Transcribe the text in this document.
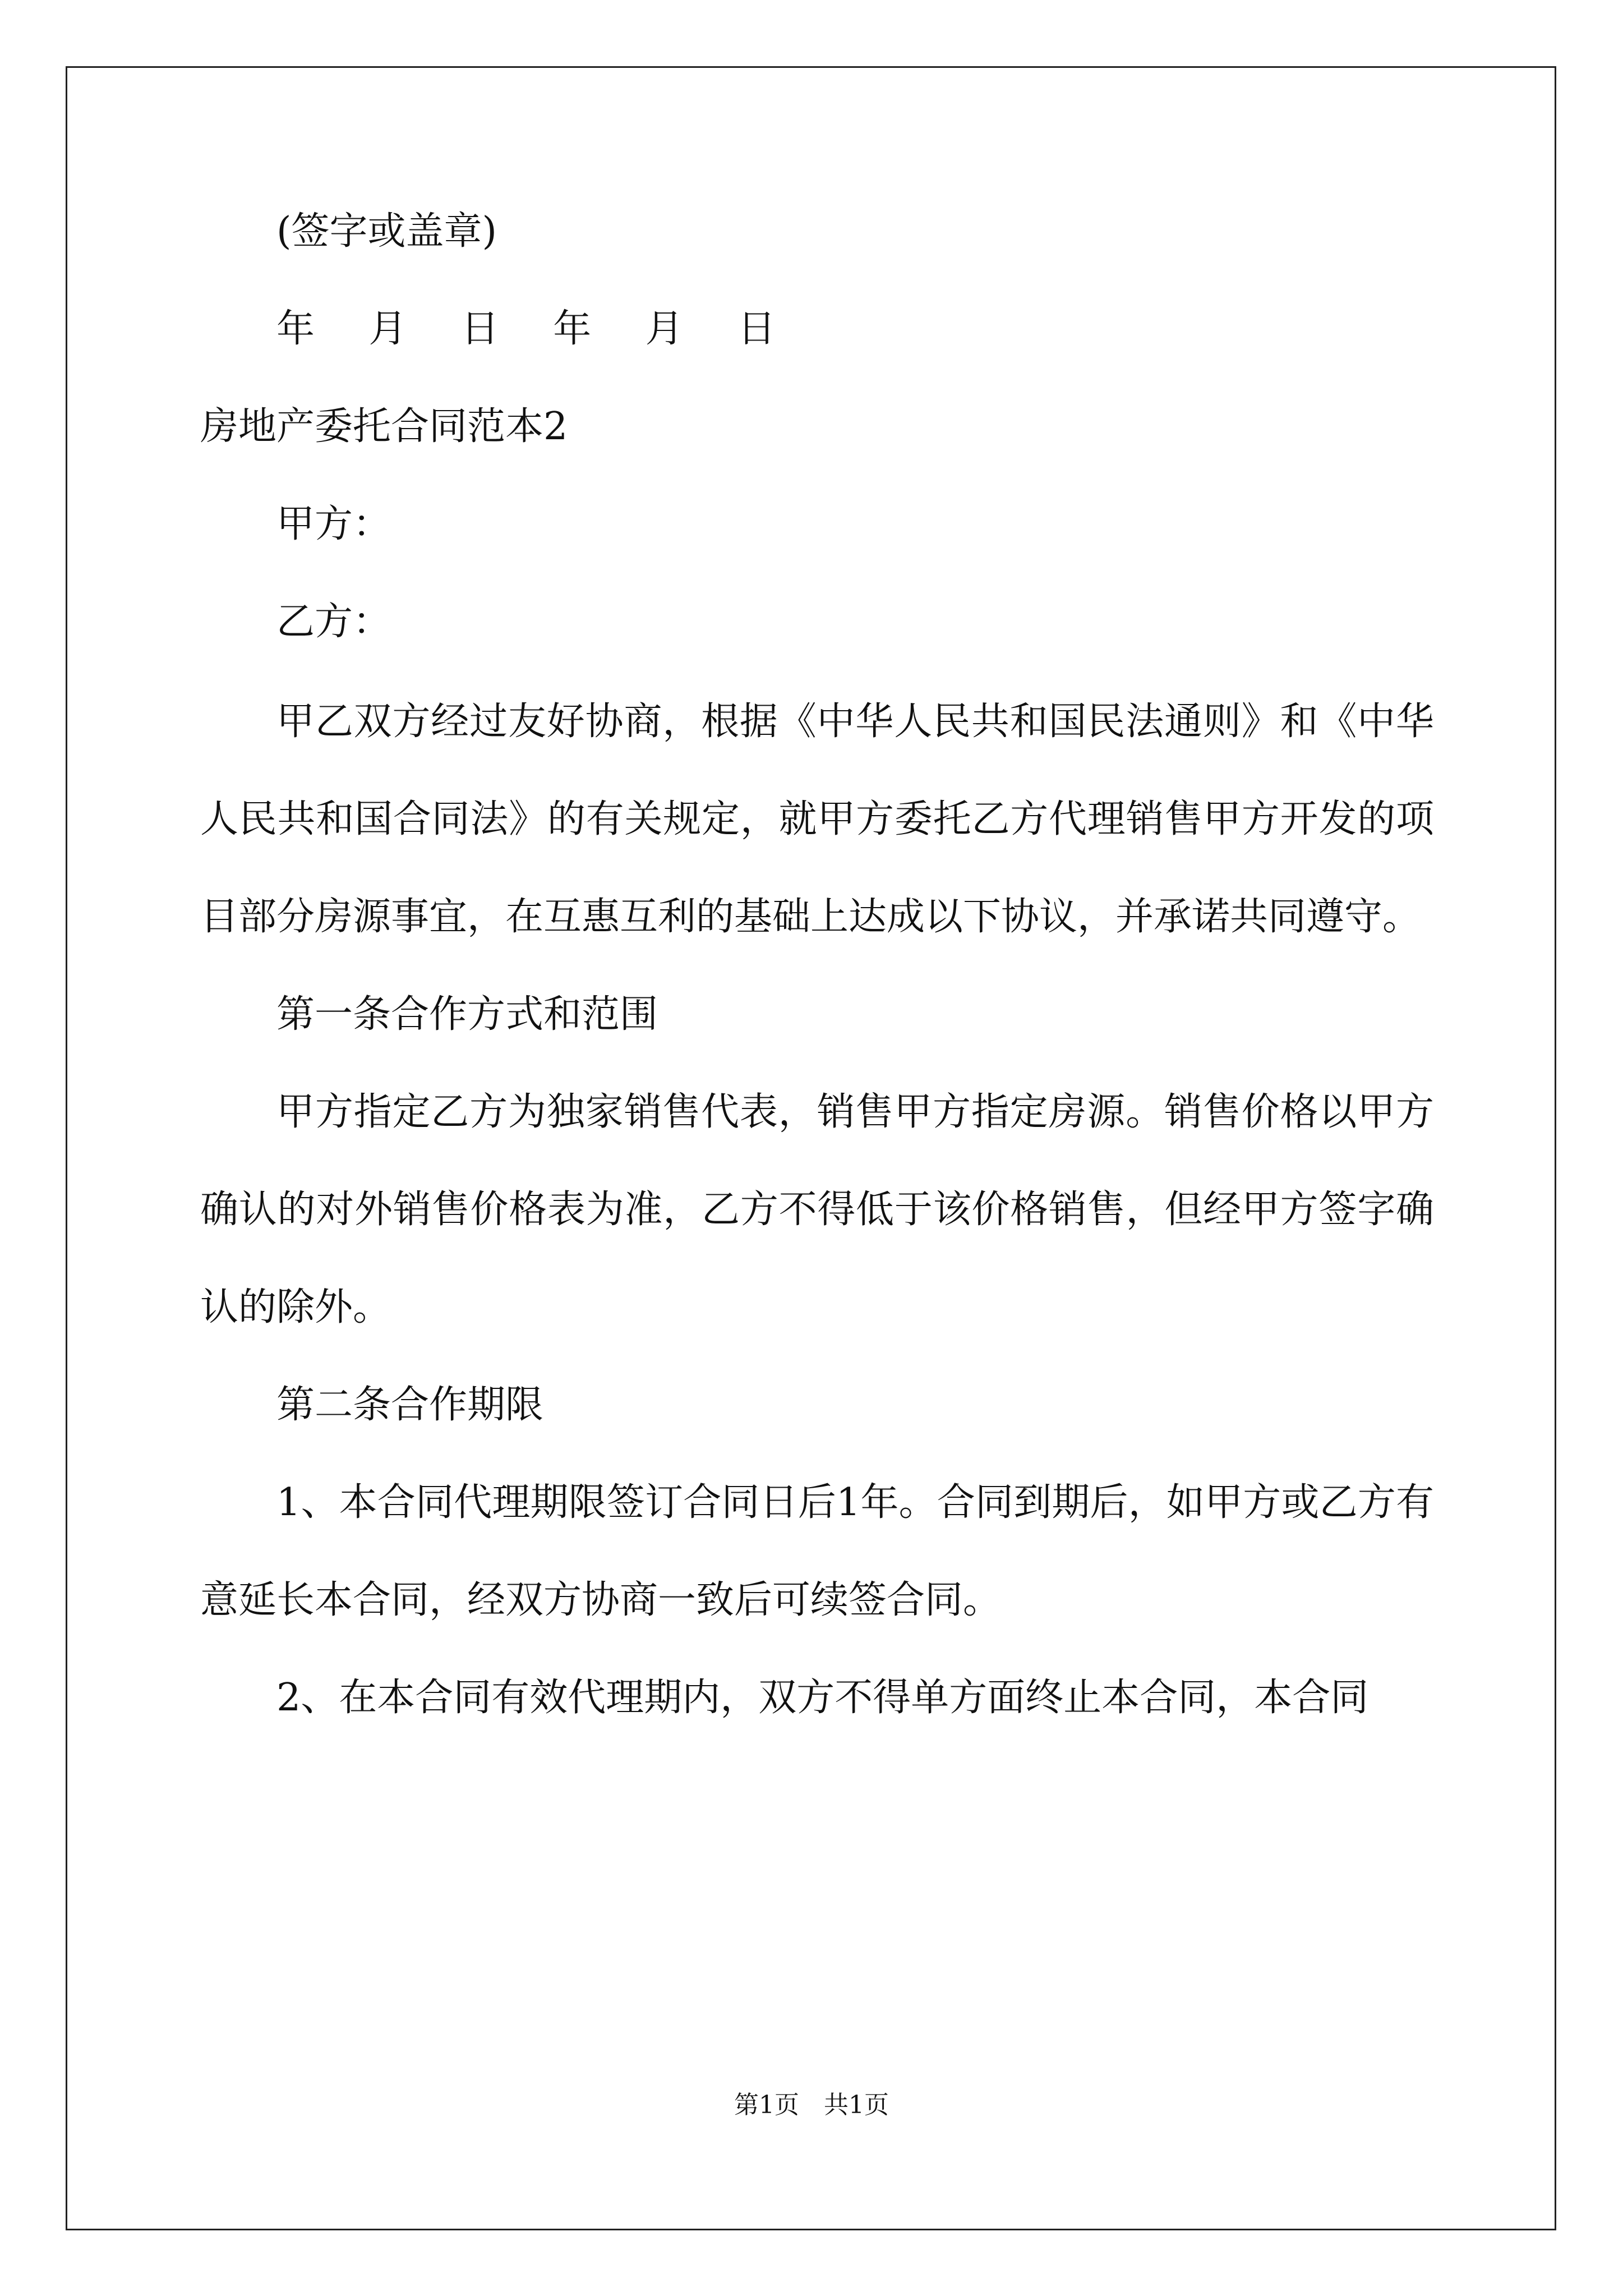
(签字或盖章)

年 月 日 年 月 日

房地产委托合同范本2

甲方：

乙方：

甲乙双方经过友好协商，根据《中华人民共和国民法通则》和《中华人民共和国合同法》的有关规定，就甲方委托乙方代理销售甲方开发的项目部分房源事宜，在互惠互利的基础上达成以下协议，并承诺共同遵守。

第一条合作方式和范围

甲方指定乙方为独家销售代表，销售甲方指定房源。销售价格以甲方确认的对外销售价格表为准，乙方不得低于该价格销售，但经甲方签字确认的除外。

第二条合作期限

1、本合同代理期限签订合同日后1年。合同到期后，如甲方或乙方有意延长本合同，经双方协商一致后可续签合同。

2、在本合同有效代理期内，双方不得单方面终止本合同，本合同

第1页　共1页
